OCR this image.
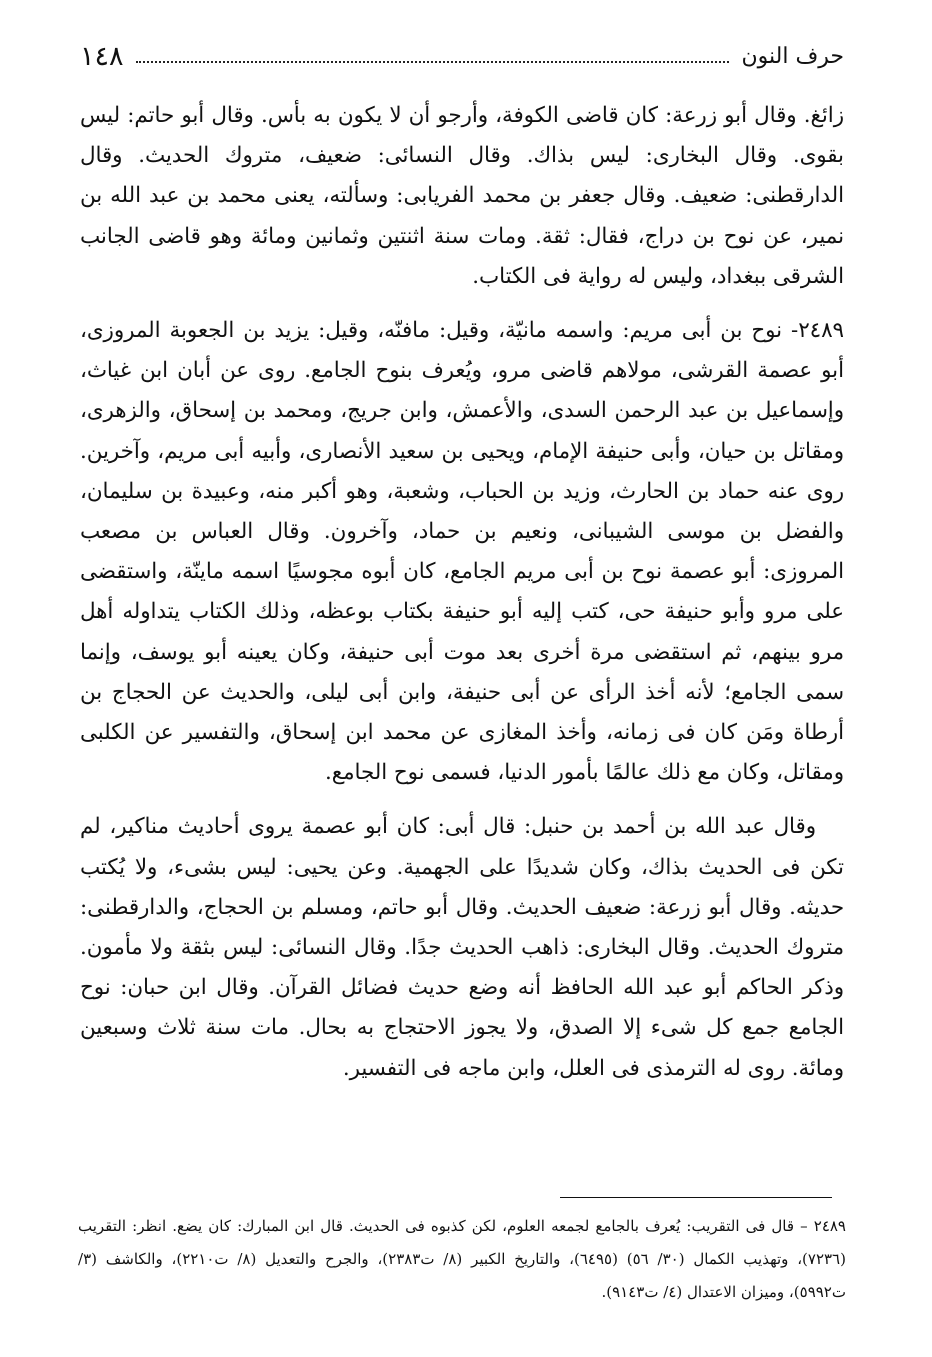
حرف النون
١٤٨

زائغ. وقال أبو زرعة: كان قاضى الكوفة، وأرجو أن لا يكون به بأس. وقال أبو حاتم: ليس بقوى. وقال البخارى: ليس بذاك. وقال النسائى: ضعيف، متروك الحديث. وقال الدارقطنى: ضعيف. وقال جعفر بن محمد الفريابى: وسألته، يعنى محمد بن عبد الله بن نمير، عن نوح بن دراج، فقال: ثقة. ومات سنة اثنتين وثمانين ومائة وهو قاضى الجانب الشرقى ببغداد، وليس له رواية فى الكتاب.

٢٤٨٩- نوح بن أبى مريم: واسمه مانيّة، وقيل: مافنّه، وقيل: يزيد بن الجعوبة المروزى، أبو عصمة القرشى، مولاهم قاضى مرو، ويُعرف بنوح الجامع. روى عن أبان ابن غياث، وإسماعيل بن عبد الرحمن السدى، والأعمش، وابن جريج، ومحمد بن إسحاق، والزهرى، ومقاتل بن حيان، وأبى حنيفة الإمام، ويحيى بن سعيد الأنصارى، وأبيه أبى مريم، وآخرين. روى عنه حماد بن الحارث، وزيد بن الحباب، وشعبة، وهو أكبر منه، وعبيدة بن سليمان، والفضل بن موسى الشيبانى، ونعيم بن حماد، وآخرون. وقال العباس بن مصعب المروزى: أبو عصمة نوح بن أبى مريم الجامع، كان أبوه مجوسيًا اسمه ماينّة، واستقضى على مرو وأبو حنيفة حى، كتب إليه أبو حنيفة بكتاب بوعظه، وذلك الكتاب يتداوله أهل مرو بينهم، ثم استقضى مرة أخرى بعد موت أبى حنيفة، وكان يعينه أبو يوسف، وإنما سمى الجامع؛ لأنه أخذ الرأى عن أبى حنيفة، وابن أبى ليلى، والحديث عن الحجاج بن أرطاة ومَن كان فى زمانه، وأخذ المغازى عن محمد ابن إسحاق، والتفسير عن الكلبى ومقاتل، وكان مع ذلك عالمًا بأمور الدنيا، فسمى نوح الجامع.

وقال عبد الله بن أحمد بن حنبل: قال أبى: كان أبو عصمة يروى أحاديث مناكير، لم تكن فى الحديث بذاك، وكان شديدًا على الجهمية. وعن يحيى: ليس بشىء، ولا يُكتب حديثه. وقال أبو زرعة: ضعيف الحديث. وقال أبو حاتم، ومسلم بن الحجاج، والدارقطنى: متروك الحديث. وقال البخارى: ذاهب الحديث جدًا. وقال النسائى: ليس بثقة ولا مأمون. وذكر الحاكم أبو عبد الله الحافظ أنه وضع حديث فضائل القرآن. وقال ابن حبان: نوح الجامع جمع كل شىء إلا الصدق، ولا يجوز الاحتجاج به بحال. مات سنة ثلاث وسبعين ومائة. روى له الترمذى فى العلل، وابن ماجه فى التفسير.

٢٤٨٩ – قال فى التقريب: يُعرف بالجامع لجمعه العلوم، لكن كذبوه فى الحديث. قال ابن المبارك: كان يضع. انظر: التقريب (٧٢٣٦)، وتهذيب الكمال (٣٠/ ٥٦) (٦٤٩٥)، والتاريخ الكبير (٨/ ت٢٣٨٣)، والجرح والتعديل (٨/ ت٢٢١٠)، والكاشف (٣/ ت٥٩٩٢)، وميزان الاعتدال (٤/ ت٩١٤٣).
